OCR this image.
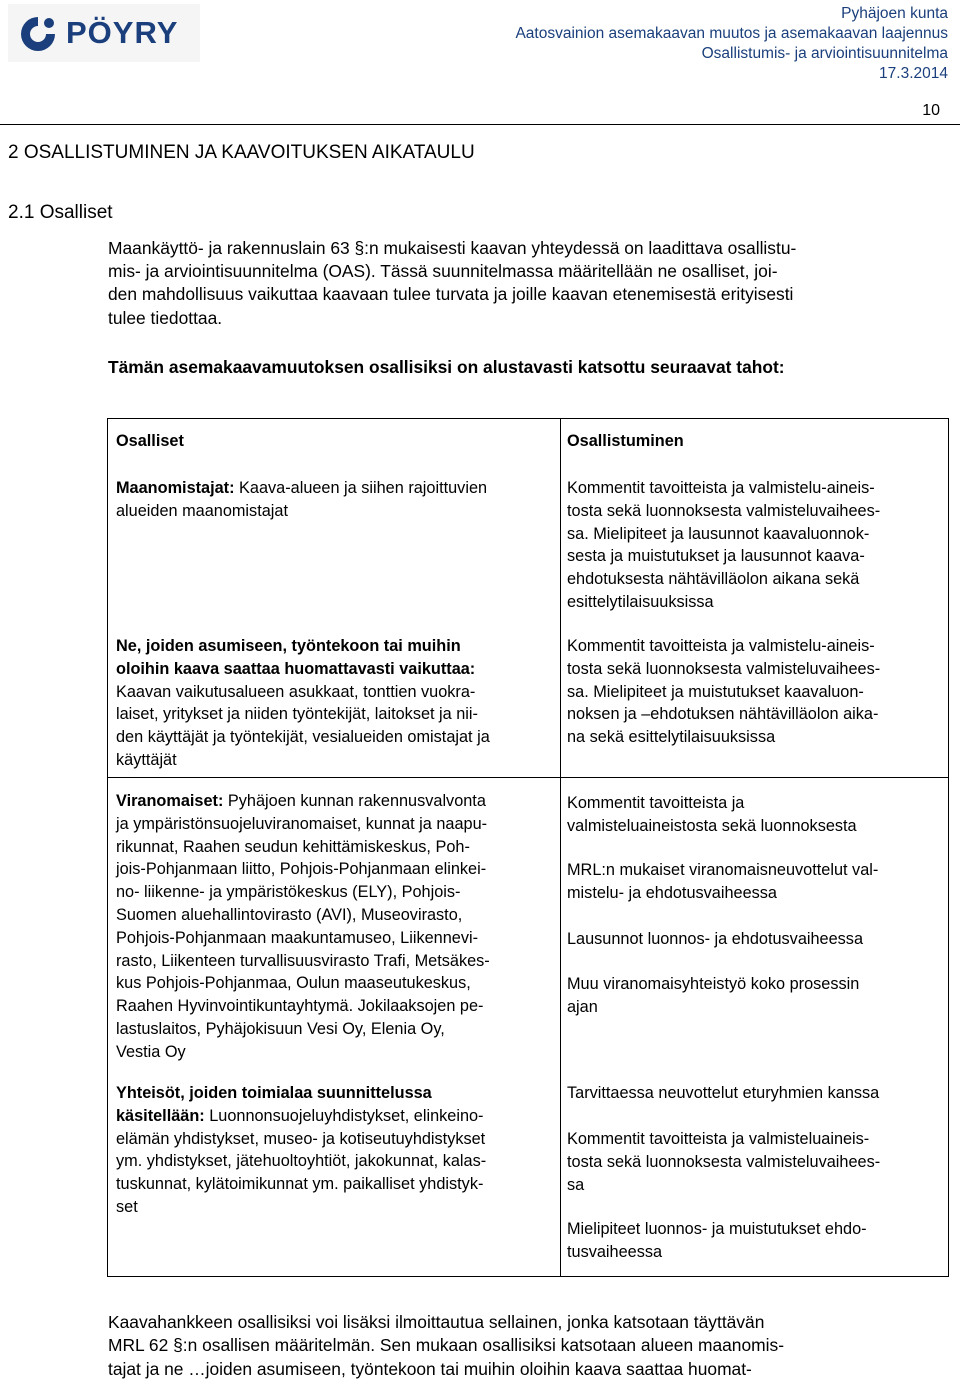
PÖYRY
Pyhäjoen kunta
Aatosvainion asemakaavan muutos ja asemakaavan laajennus
Osallistumis- ja arviointisuunnitelma
17.3.2014
10
2 OSALLISTUMINEN JA KAAVOITUKSEN AIKATAULU
2.1 Osalliset

Maankäyttö- ja rakennuslain 63 §:n mukaisesti kaavan yhteydessä on laadittava osallistu-
mis- ja arviointisuunnitelma (OAS). Tässä suunnitelmassa määritellään ne osalliset, joi-
den mahdollisuus vaikuttaa kaavaan tulee turvata ja joille kaavan etenemisestä erityisesti
tulee tiedottaa.

Tämän asemakaavamuutoksen osallisiksi on alustavasti katsottu seuraavat tahot:

Osalliset	Osallistuminen
Maanomistajat: Kaava-alueen ja siihen rajoittuvien
alueiden maanomistajat
Kommentit tavoitteista ja valmistelu-aineis-
tosta sekä luonnoksesta valmisteluvaihees-
sa. Mielipiteet ja lausunnot kaavaluonnok-
sesta ja muistutukset ja lausunnot kaava-
ehdotuksesta nähtävilläolon aikana sekä
esittelytilaisuuksissa
Ne, joiden asumiseen, työntekoon tai muihin
oloihin kaava saattaa huomattavasti vaikuttaa:
Kaavan vaikutusalueen asukkaat, tonttien vuokra-
laiset, yritykset ja niiden työntekijät, laitokset ja nii-
den käyttäjät ja työntekijät, vesialueiden omistajat ja
käyttäjät
Kommentit tavoitteista ja valmistelu-aineis-
tosta sekä luonnoksesta valmisteluvaihees-
sa. Mielipiteet ja muistutukset kaavaluon-
noksen ja –ehdotuksen nähtävilläolon aika-
na sekä esittelytilaisuuksissa
Viranomaiset: Pyhäjoen kunnan rakennusvalvonta
ja ympäristönsuojeluviranomaiset, kunnat ja naapu-
rikunnat, Raahen seudun kehittämiskeskus, Poh-
jois-Pohjanmaan liitto, Pohjois-Pohjanmaan elinkei-
no- liikenne- ja ympäristökeskus (ELY), Pohjois-
Suomen aluehallintovirasto (AVI), Museovirasto,
Pohjois-Pohjanmaan maakuntamuseo, Liikennevi-
rasto, Liikenteen turvallisuusvirasto Trafi, Metsäkes-
kus Pohjois-Pohjanmaa, Oulun maaseutukeskus,
Raahen Hyvinvointikuntayhtymä. Jokilaaksojen pe-
lastuslaitos, Pyhäjokisuun Vesi Oy, Elenia Oy,
Vestia Oy
Kommentit tavoitteista ja
valmisteluaineistosta sekä luonnoksesta
MRL:n mukaiset viranomaisneuvottelut val-
mistelu- ja ehdotusvaiheessa
Lausunnot luonnos- ja ehdotusvaiheessa
Muu viranomaisyhteistyö koko prosessin
ajan
Yhteisöt, joiden toimialaa suunnittelussa
käsitellään: Luonnonsuojeluyhdistykset, elinkeino-
elämän yhdistykset, museo- ja kotiseutuyhdistykset
ym. yhdistykset, jätehuoltoyhtiöt, jakokunnat, kalas-
tuskunnat, kylätoimikunnat ym. paikalliset yhdistyk-
set
Tarvittaessa neuvottelut eturyhmien kanssa
Kommentit tavoitteista ja valmisteluaineis-
tosta sekä luonnoksesta valmisteluvaihees-
sa
Mielipiteet luonnos- ja muistutukset ehdo-
tusvaiheessa

Kaavahankkeen osallisiksi voi lisäksi ilmoittautua sellainen, jonka katsotaan täyttävän
MRL 62 §:n osallisen määritelmän. Sen mukaan osallisiksi katsotaan alueen maanomis-
tajat ja ne …joiden asumiseen, työntekoon tai muihin oloihin kaava saattaa huomat-
